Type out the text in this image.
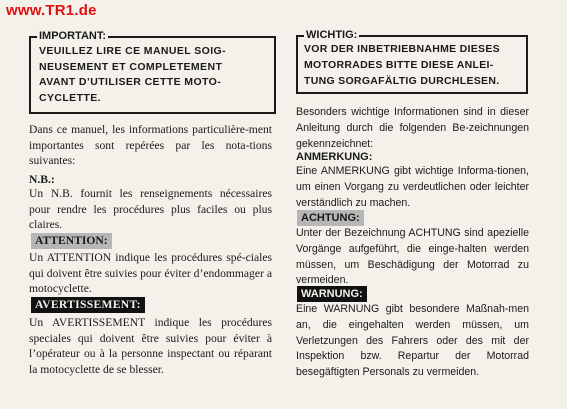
www.TR1.de
IMPORTANT:
VEUILLEZ LIRE CE MANUEL SOIG-
NEUSEMENT ET COMPLETEMENT
AVANT D’UTILISER CETTE MOTO-
CYCLETTE.
Dans ce manuel, les informations particulière-ment importantes sont repérées par les nota-tions suivantes:
N.B.:
Un N.B. fournit les renseignements nécessaires pour rendre les procédures plus faciles ou plus claires.
ATTENTION:
Un ATTENTION indique les procédures spé-ciales qui doivent être suivies pour éviter d’endommager a motocyclette.
AVERTISSEMENT:
Un AVERTISSEMENT indique les procédures speciales qui doivent être suivies pour éviter à l’opérateur ou à la personne inspectant ou réparant la motocyclette de se blesser.
WICHTIG:
VOR DER INBETRIEBNAHME DIESES
MOTORRADES BITTE DIESE ANLEI-
TUNG SORGAFÄLTIG DURCHLESEN.
Besonders wichtige Informationen sind in dieser Anleitung durch die folgenden Be-zeichnungen gekennzeichnet:
ANMERKUNG:
Eine ANMERKUNG gibt wichtige Informa-tionen, um einen Vorgang zu verdeutlichen oder leichter verständlich zu machen.
ACHTUNG:
Unter der Bezeichnung ACHTUNG sind apezielle Vorgänge aufgeführt, die einge-halten werden müssen, um Beschädigung der Motorrad zu vermeiden.
WARNUNG:
Eine WARNUNG gibt besondere Maßnah-men an, die eingehalten werden müssen, um Verletzungen des Fahrers oder des mit der Inspektion bzw. Repartur der Motorrad besegäftigten Personals zu vermeiden.
